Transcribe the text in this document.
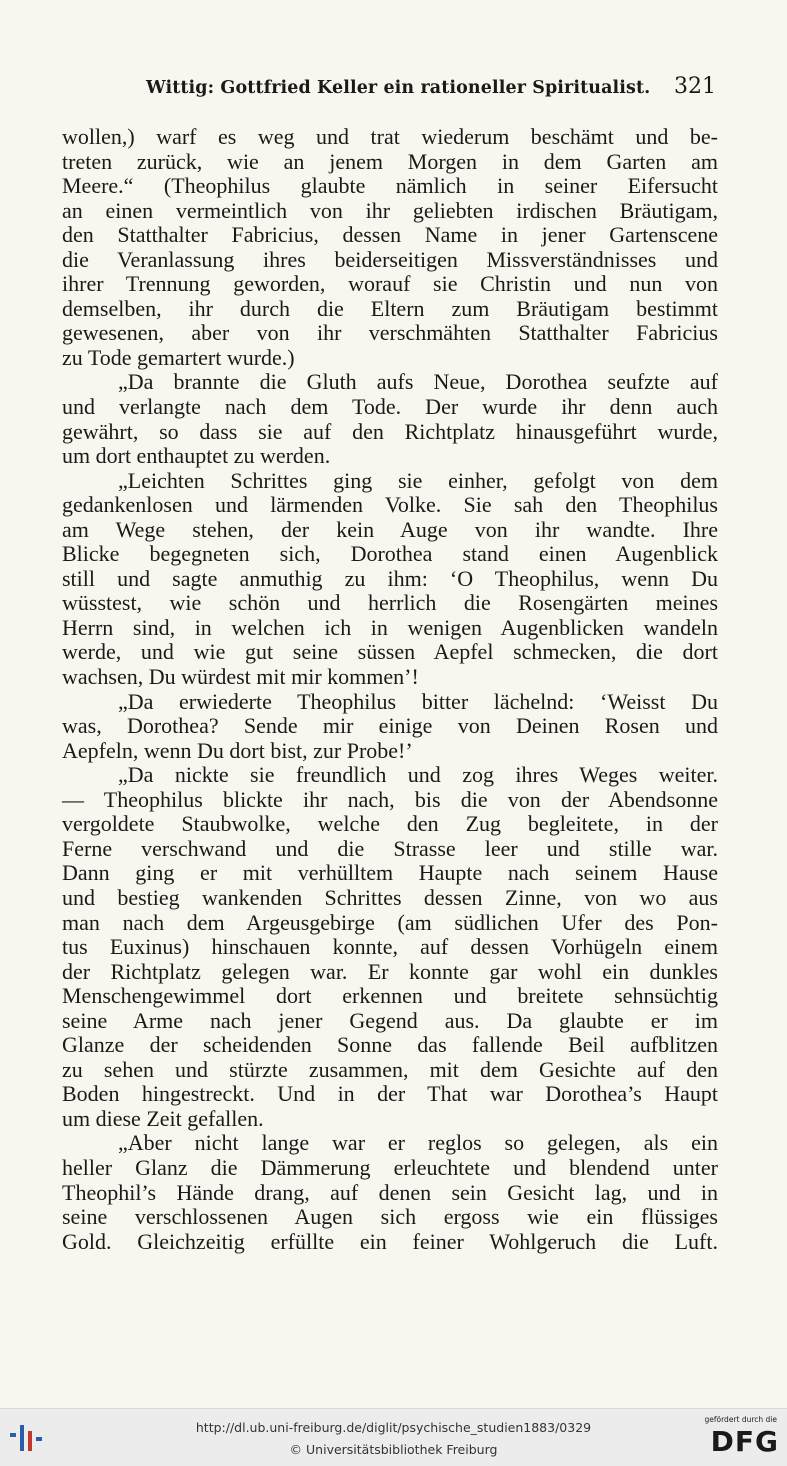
Wittig: Gottfried Keller ein rationeller Spiritualist. 321
wollen,) warf es weg und trat wiederum beschämt und be-
treten zurück, wie an jenem Morgen in dem Garten am
Meere.“ (Theophilus glaubte nämlich in seiner Eifersucht
an einen vermeintlich von ihr geliebten irdischen Bräutigam,
den Statthalter Fabricius, dessen Name in jener Gartenscene
die Veranlassung ihres beiderseitigen Missverständnisses und
ihrer Trennung geworden, worauf sie Christin und nun von
demselben, ihr durch die Eltern zum Bräutigam bestimmt
gewesenen, aber von ihr verschmähten Statthalter Fabricius
zu Tode gemartert wurde.)
„Da brannte die Gluth aufs Neue, Dorothea seufzte auf
und verlangte nach dem Tode. Der wurde ihr denn auch
gewährt, so dass sie auf den Richtplatz hinausgeführt wurde,
um dort enthauptet zu werden.
„Leichten Schrittes ging sie einher, gefolgt von dem
gedankenlosen und lärmenden Volke. Sie sah den Theophilus
am Wege stehen, der kein Auge von ihr wandte. Ihre
Blicke begegneten sich, Dorothea stand einen Augenblick
still und sagte anmuthig zu ihm: ‘O Theophilus, wenn Du
wüsstest, wie schön und herrlich die Rosengärten meines
Herrn sind, in welchen ich in wenigen Augenblicken wandeln
werde, und wie gut seine süssen Aepfel schmecken, die dort
wachsen, Du würdest mit mir kommen’!
„Da erwiederte Theophilus bitter lächelnd: ‘Weisst Du
was, Dorothea? Sende mir einige von Deinen Rosen und
Aepfeln, wenn Du dort bist, zur Probe!’
„Da nickte sie freundlich und zog ihres Weges weiter.
— Theophilus blickte ihr nach, bis die von der Abendsonne
vergoldete Staubwolke, welche den Zug begleitete, in der
Ferne verschwand und die Strasse leer und stille war.
Dann ging er mit verhülltem Haupte nach seinem Hause
und bestieg wankenden Schrittes dessen Zinne, von wo aus
man nach dem Argeusgebirge (am südlichen Ufer des Pon-
tus Euxinus) hinschauen konnte, auf dessen Vorhügeln einem
der Richtplatz gelegen war. Er konnte gar wohl ein dunkles
Menschengewimmel dort erkennen und breitete sehnsüchtig
seine Arme nach jener Gegend aus. Da glaubte er im
Glanze der scheidenden Sonne das fallende Beil aufblitzen
zu sehen und stürzte zusammen, mit dem Gesichte auf den
Boden hingestreckt. Und in der That war Dorothea’s Haupt
um diese Zeit gefallen.
„Aber nicht lange war er reglos so gelegen, als ein
heller Glanz die Dämmerung erleuchtete und blendend unter
Theophil’s Hände drang, auf denen sein Gesicht lag, und in
seine verschlossenen Augen sich ergoss wie ein flüssiges
Gold. Gleichzeitig erfüllte ein feiner Wohlgeruch die Luft.
http://dl.ub.uni-freiburg.de/diglit/psychische_studien1883/0329
© Universitätsbibliothek Freiburg
gefördert durch die
DFG
